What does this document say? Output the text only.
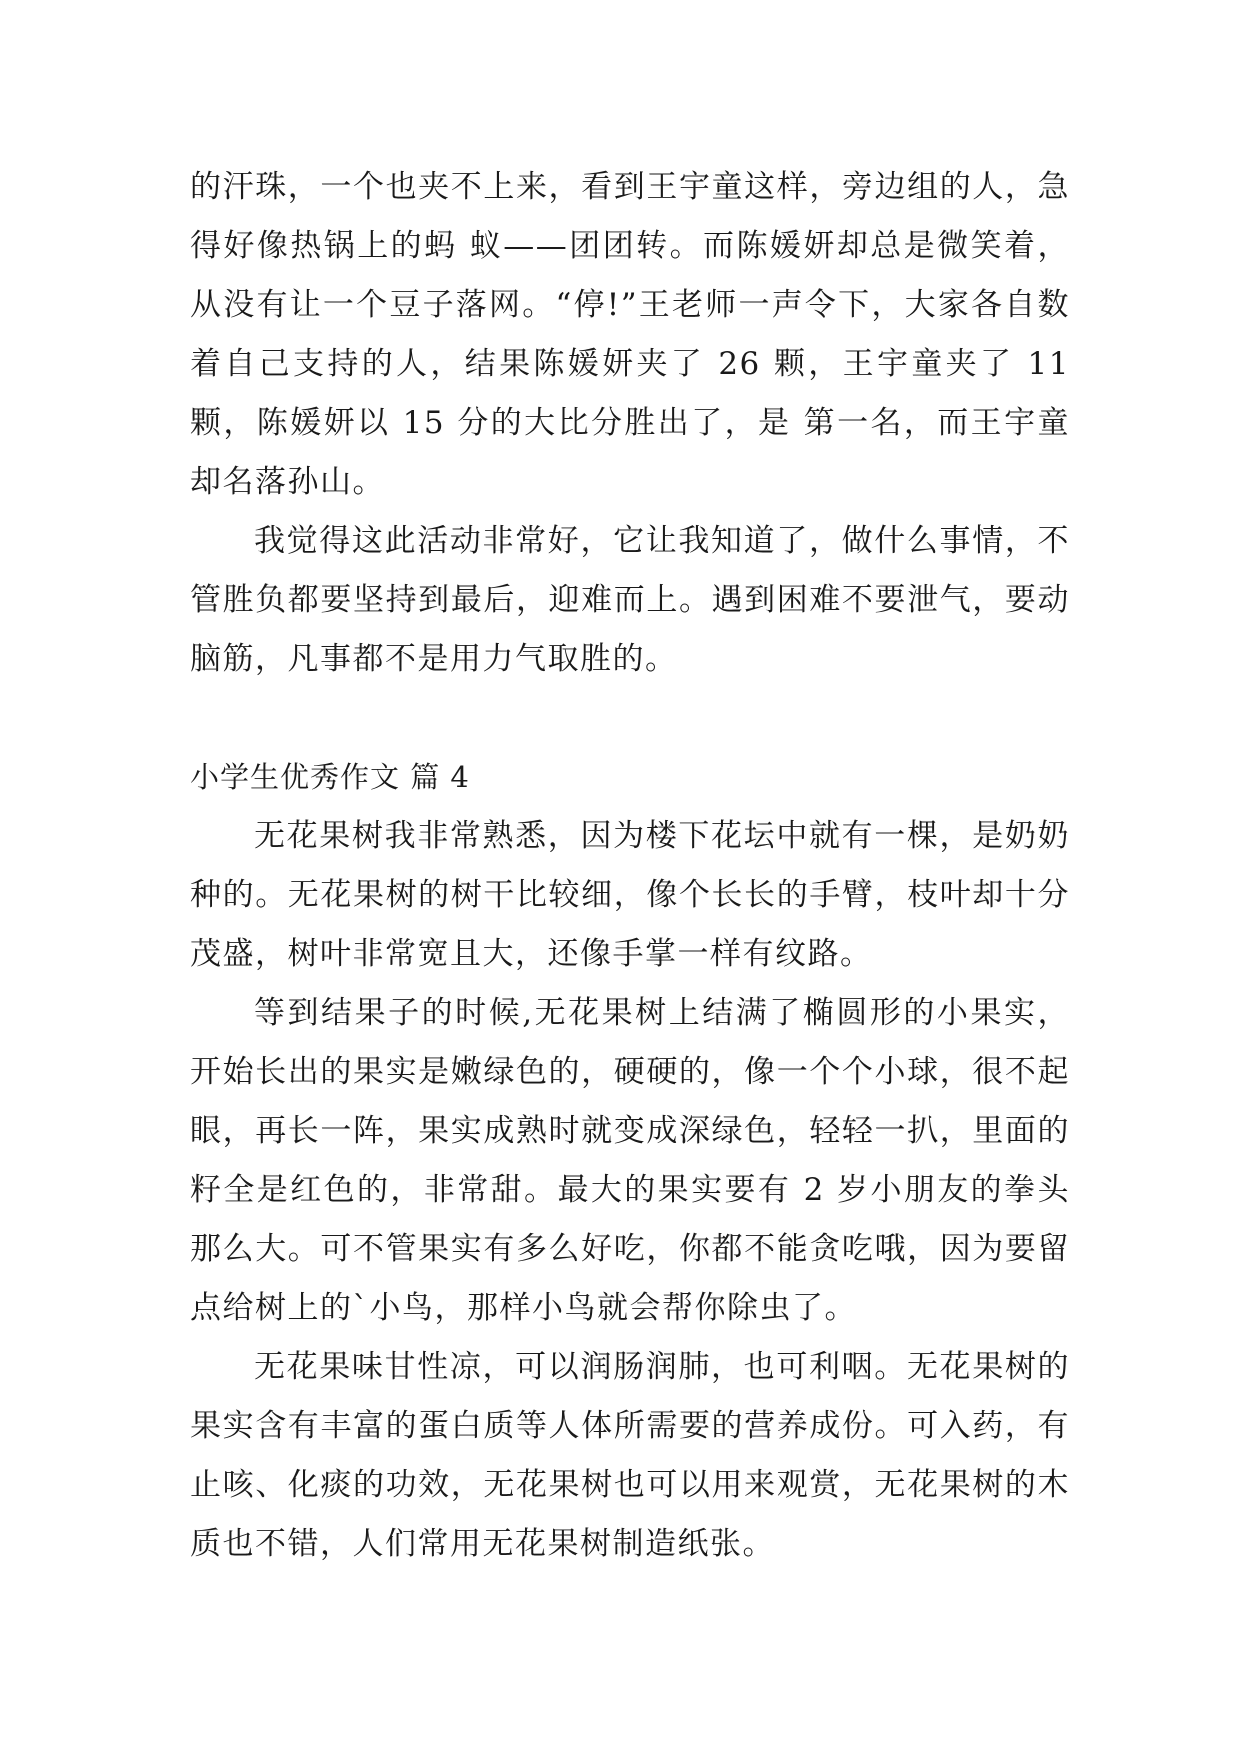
的汗珠，一个也夹不上来，看到王宇童这样，旁边组的人，急得好像热锅上的蚂 蚁——团团转。而陈媛妍却总是微笑着，从没有让一个豆子落网。“停!”王老师一声令下，大家各自数着自己支持的人，结果陈媛妍夹了 26 颗，王宇童夹了 11 颗，陈媛妍以 15 分的大比分胜出了，是 第一名，而王宇童却名落孙山。

我觉得这此活动非常好，它让我知道了，做什么事情，不管胜负都要坚持到最后，迎难而上。遇到困难不要泄气，要动脑筋，凡事都不是用力气取胜的。

小学生优秀作文 篇 4

无花果树我非常熟悉，因为楼下花坛中就有一棵，是奶奶种的。无花果树的树干比较细，像个长长的手臂，枝叶却十分茂盛，树叶非常宽且大，还像手掌一样有纹路。

等到结果子的时候,无花果树上结满了椭圆形的小果实，开始长出的果实是嫩绿色的，硬硬的，像一个个小球，很不起眼，再长一阵，果实成熟时就变成深绿色，轻轻一扒，里面的籽全是红色的，非常甜。最大的果实要有 2 岁小朋友的拳头那么大。可不管果实有多么好吃，你都不能贪吃哦，因为要留点给树上的`小鸟，那样小鸟就会帮你除虫了。

无花果味甘性凉，可以润肠润肺，也可利咽。无花果树的果实含有丰富的蛋白质等人体所需要的营养成份。可入药，有止咳、化痰的功效，无花果树也可以用来观赏，无花果树的木质也不错，人们常用无花果树制造纸张。
